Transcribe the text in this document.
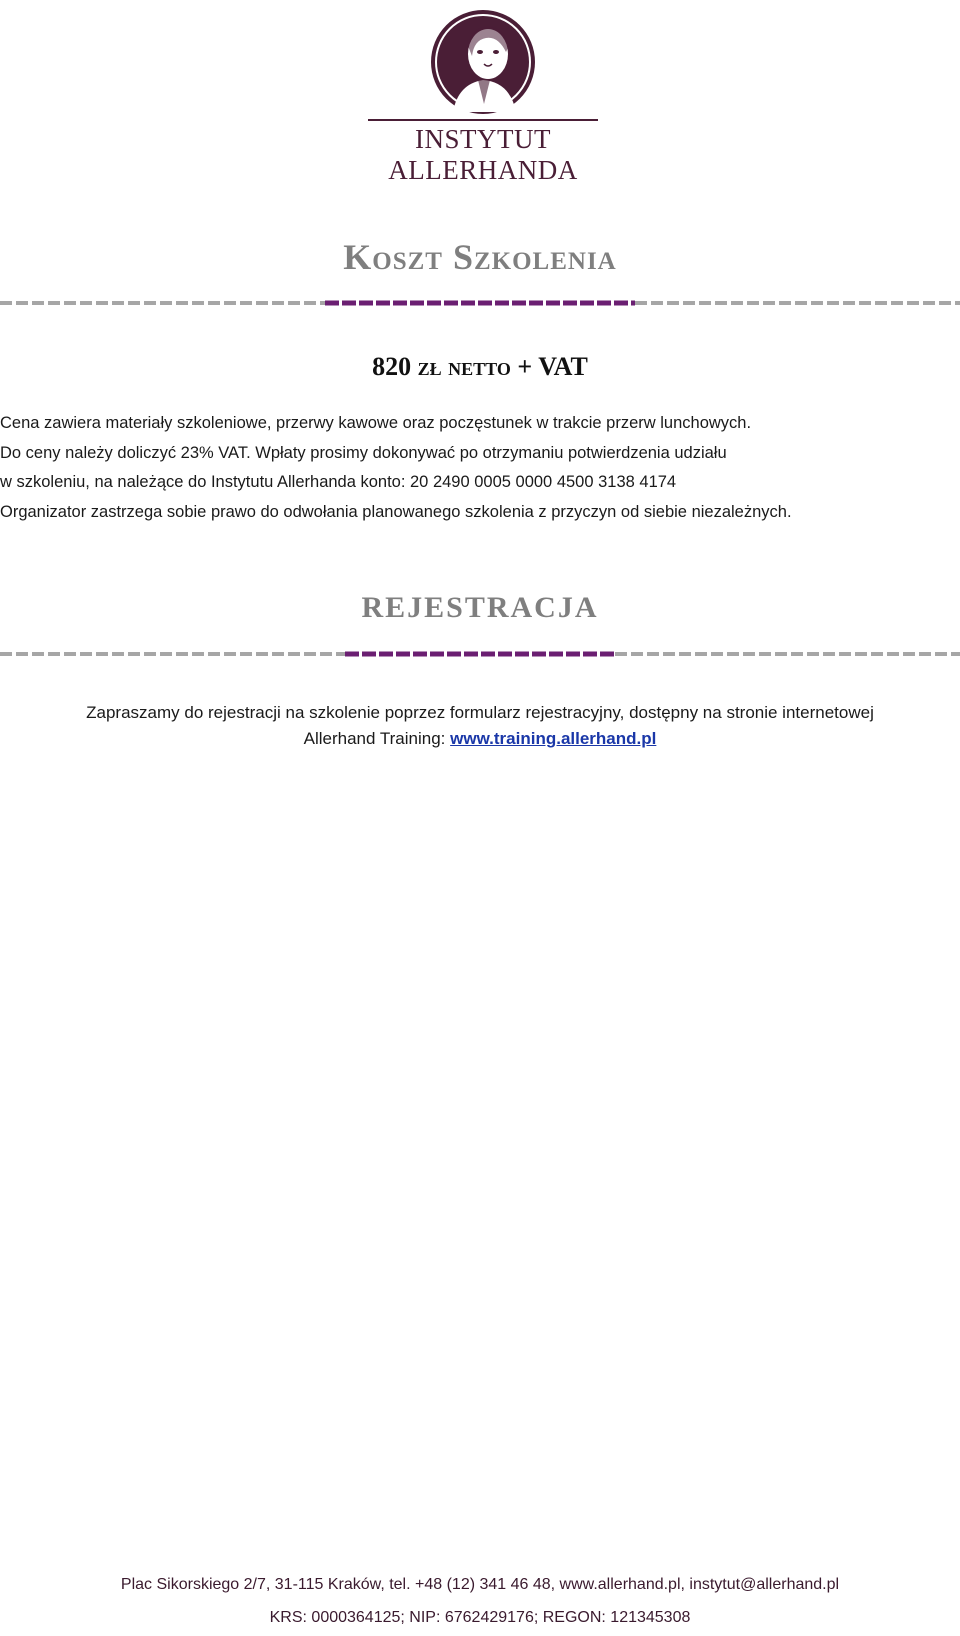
INSTYTUT ALLERHANDA
Koszt Szkolenia
820 zł netto + VAT
Cena zawiera materiały szkoleniowe, przerwy kawowe oraz poczęstunek w trakcie przerw lunchowych.
Do ceny należy doliczyć 23% VAT. Wpłaty prosimy dokonywać po otrzymaniu potwierdzenia udziału
w szkoleniu, na należące do Instytutu Allerhanda konto: 20 2490 0005 0000 4500 3138 4174
Organizator zastrzega sobie prawo do odwołania planowanego szkolenia z przyczyn od siebie niezależnych.
REJESTRACJA
Zapraszamy do rejestracji na szkolenie poprzez formularz rejestracyjny, dostępny na stronie internetowej
Allerhand Training: www.training.allerhand.pl
Plac Sikorskiego 2/7, 31-115 Kraków, tel. +48 (12) 341 46 48, www.allerhand.pl, instytut@allerhand.pl
KRS: 0000364125; NIP: 6762429176; REGON: 121345308
